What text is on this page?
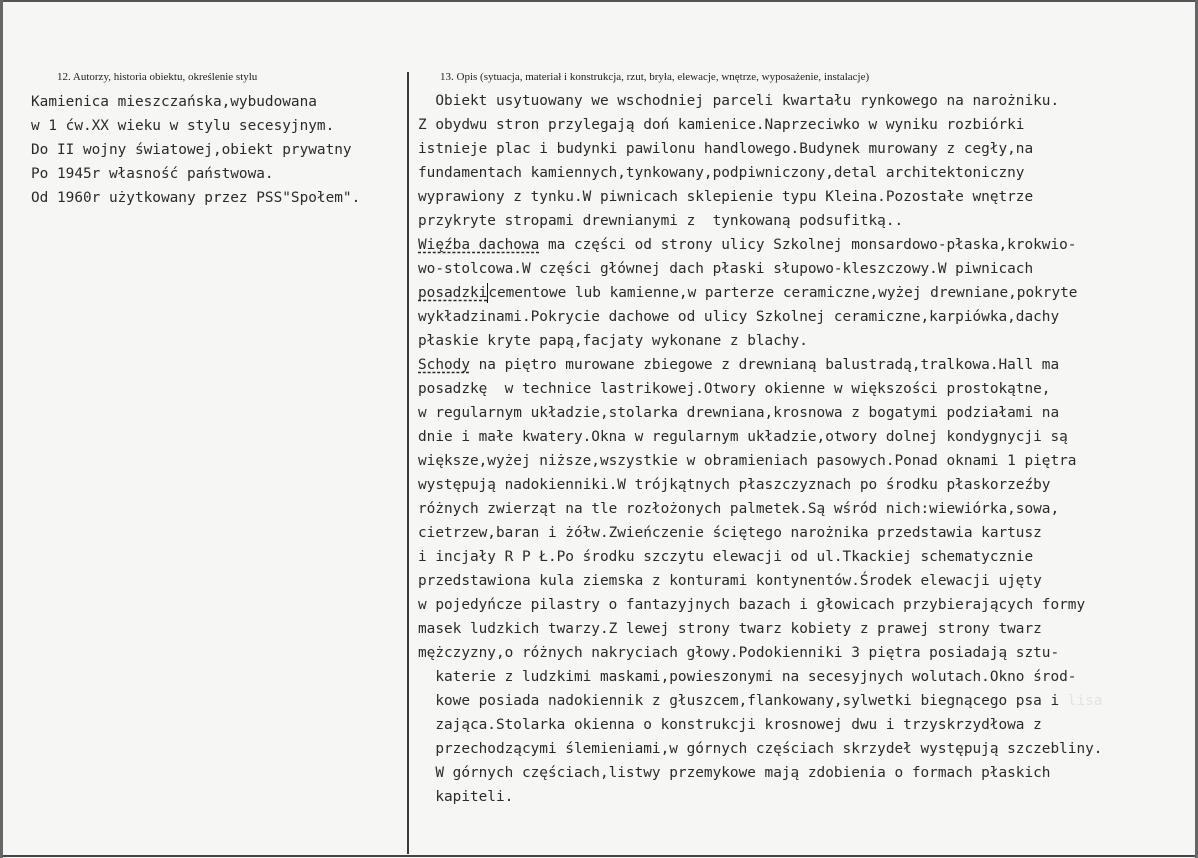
12. Autorzy, historia obiektu, określenie stylu	13. Opis (sytuacja, materiał i konstrukcja, rzut, bryła, elewacje, wnętrze, wyposażenie, instalacje)
Kamienica mieszczańska,wybudowana
w 1 ćw.XX wieku w stylu secesyjnym.
Do II wojny światowej,obiekt prywatny
Po 1945r własność państwowa.
Od 1960r użytkowany przez PSS"Społem".
Obiekt usytuowany we wschodniej parceli kwartału rynkowego na narożniku.
Z obydwu stron przylegają doń kamienice.Naprzeciwko w wyniku rozbiórki
istnieje plac i budynki pawilonu handlowego.Budynek murowany z cegły,na
fundamentach kamiennych,tynkowany,podpiwniczony,detal architektoniczny
wyprawiony z tynku.W piwnicach sklepienie typu Kleina.Pozostałe wnętrze
przykryte stropami drewnianymi z  tynkowaną podsufitką..
Więźba dachowa ma części od strony ulicy Szkolnej monsardowo-płaska,krokwio-
wo-stolcowa.W części głównej dach płaski słupowo-kleszczowy.W piwnicach
posadzkicementowe lub kamienne,w parterze ceramiczne,wyżej drewniane,pokryte
wykładzinami.Pokrycie dachowe od ulicy Szkolnej ceramiczne,karpiówka,dachy
płaskie kryte papą,facjaty wykonane z blachy.
Schody na piętro murowane zbiegowe z drewnianą balustradą,tralkowa.Hall ma
posadzkę  w technice lastrikowej.Otwory okienne w większości prostokątne,
w regularnym układzie,stolarka drewniana,krosnowa z bogatymi podziałami na
dnie i małe kwatery.Okna w regularnym układzie,otwory dolnej kondygnycji są
większe,wyżej niższe,wszystkie w obramieniach pasowych.Ponad oknami 1 piętra
występują nadokienniki.W trójkątnych płaszczyznach po środku płaskorzeźby
różnych zwierząt na tle rozłożonych palmetek.Są wśród nich:wiewiórka,sowa,
cietrzew,baran i żółw.Zwieńczenie ściętego narożnika przedstawia kartusz
i incjały R P Ł.Po środku szczytu elewacji od ul.Tkackiej schematycznie
przedstawiona kula ziemska z konturami kontynentów.Środek elewacji ujęty
w pojedyńcze pilastry o fantazyjnych bazach i głowicach przybierających formy
masek ludzkich twarzy.Z lewej strony twarz kobiety z prawej strony twarz
mężczyzny,o różnych nakryciach głowy.Podokienniki 3 piętra posiadają sztu-
katerie z ludzkimi maskami,powieszonymi na secesyjnych wolutach.Okno środ-
kowe posiada nadokiennik z głuszcem,flankowany,sylwetki biegnącego psa i lisa
zająca.Stolarka okienna o konstrukcji krosnowej dwu i trzyskrzydłowa z
przechodzącymi ślemieniami,w górnych częściach skrzydeł występują szczebliny.
W górnych częściach,listwy przemykowe mają zdobienia o formach płaskich
kapiteli.
